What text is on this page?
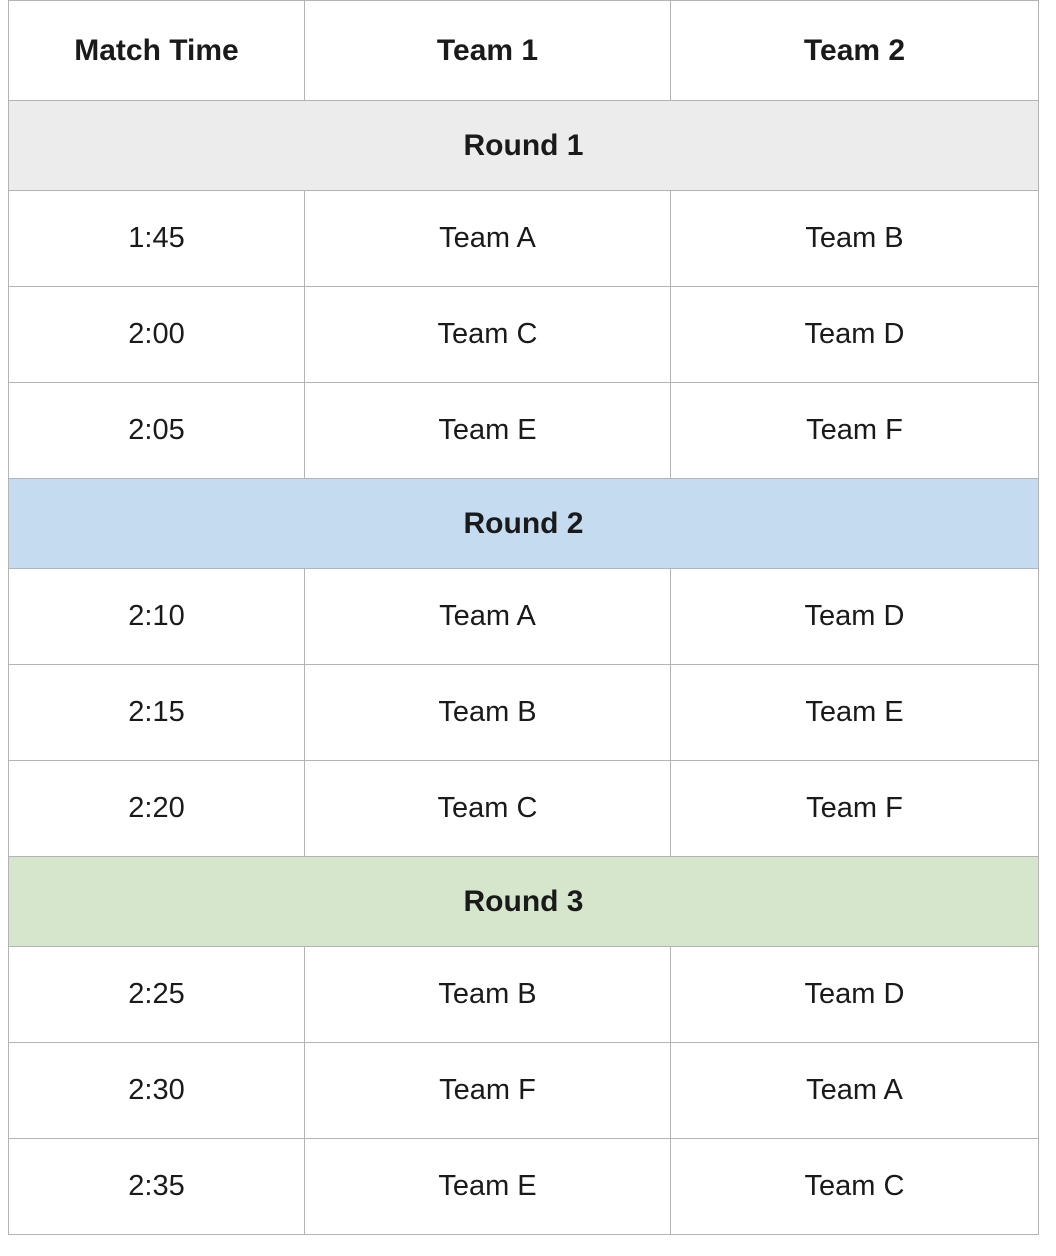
Match Time	Team 1	Team 2
Round 1		
1:45	Team A	Team B
2:00	Team C	Team D
2:05	Team E	Team F
Round 2		
2:10	Team A	Team D
2:15	Team B	Team E
2:20	Team C	Team F
Round 3		
2:25	Team B	Team D
2:30	Team F	Team A
2:35	Team E	Team C
